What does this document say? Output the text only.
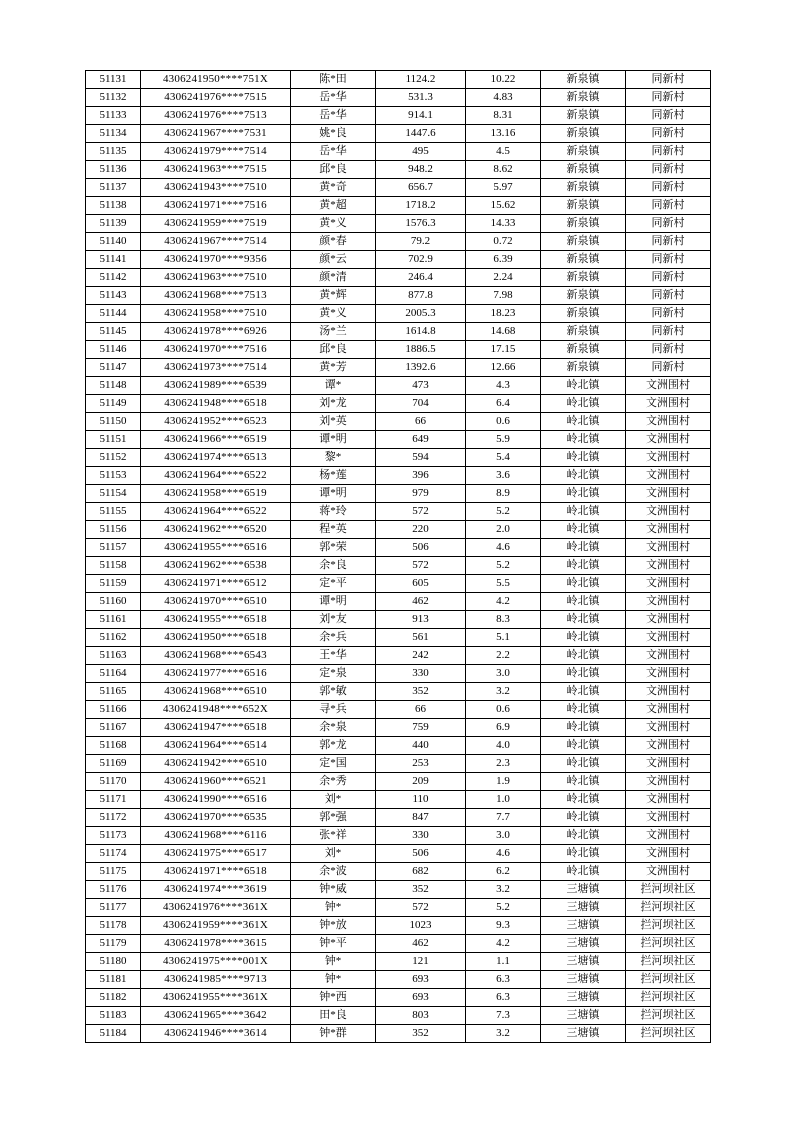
51131	4306241950****751X	陈*田	1124.2	10.22	新泉镇	同新村
51132	4306241976****7515	岳*华	531.3	4.83	新泉镇	同新村
51133	4306241976****7513	岳*华	914.1	8.31	新泉镇	同新村
51134	4306241967****7531	姚*良	1447.6	13.16	新泉镇	同新村
51135	4306241979****7514	岳*华	495	4.5	新泉镇	同新村
51136	4306241963****7515	邱*良	948.2	8.62	新泉镇	同新村
51137	4306241943****7510	黄*奇	656.7	5.97	新泉镇	同新村
51138	4306241971****7516	黄*超	1718.2	15.62	新泉镇	同新村
51139	4306241959****7519	黄*义	1576.3	14.33	新泉镇	同新村
51140	4306241967****7514	颜*春	79.2	0.72	新泉镇	同新村
51141	4306241970****9356	颜*云	702.9	6.39	新泉镇	同新村
51142	4306241963****7510	颜*清	246.4	2.24	新泉镇	同新村
51143	4306241968****7513	黄*辉	877.8	7.98	新泉镇	同新村
51144	4306241958****7510	黄*义	2005.3	18.23	新泉镇	同新村
51145	4306241978****6926	汤*兰	1614.8	14.68	新泉镇	同新村
51146	4306241970****7516	邱*良	1886.5	17.15	新泉镇	同新村
51147	4306241973****7514	黄*芳	1392.6	12.66	新泉镇	同新村
51148	4306241989****6539	谭*	473	4.3	岭北镇	文洲围村
51149	4306241948****6518	刘*龙	704	6.4	岭北镇	文洲围村
51150	4306241952****6523	刘*英	66	0.6	岭北镇	文洲围村
51151	4306241966****6519	谭*明	649	5.9	岭北镇	文洲围村
51152	4306241974****6513	黎*	594	5.4	岭北镇	文洲围村
51153	4306241964****6522	杨*莲	396	3.6	岭北镇	文洲围村
51154	4306241958****6519	谭*明	979	8.9	岭北镇	文洲围村
51155	4306241964****6522	蒋*玲	572	5.2	岭北镇	文洲围村
51156	4306241962****6520	程*英	220	2.0	岭北镇	文洲围村
51157	4306241955****6516	郭*荣	506	4.6	岭北镇	文洲围村
51158	4306241962****6538	余*良	572	5.2	岭北镇	文洲围村
51159	4306241971****6512	定*平	605	5.5	岭北镇	文洲围村
51160	4306241970****6510	谭*明	462	4.2	岭北镇	文洲围村
51161	4306241955****6518	刘*友	913	8.3	岭北镇	文洲围村
51162	4306241950****6518	余*兵	561	5.1	岭北镇	文洲围村
51163	4306241968****6543	王*华	242	2.2	岭北镇	文洲围村
51164	4306241977****6516	定*泉	330	3.0	岭北镇	文洲围村
51165	4306241968****6510	郭*敏	352	3.2	岭北镇	文洲围村
51166	4306241948****652X	寻*兵	66	0.6	岭北镇	文洲围村
51167	4306241947****6518	余*泉	759	6.9	岭北镇	文洲围村
51168	4306241964****6514	郭*龙	440	4.0	岭北镇	文洲围村
51169	4306241942****6510	定*国	253	2.3	岭北镇	文洲围村
51170	4306241960****6521	余*秀	209	1.9	岭北镇	文洲围村
51171	4306241990****6516	刘*	110	1.0	岭北镇	文洲围村
51172	4306241970****6535	郭*强	847	7.7	岭北镇	文洲围村
51173	4306241968****6116	张*祥	330	3.0	岭北镇	文洲围村
51174	4306241975****6517	刘*	506	4.6	岭北镇	文洲围村
51175	4306241971****6518	余*波	682	6.2	岭北镇	文洲围村
51176	4306241974****3619	钟*威	352	3.2	三塘镇	拦河坝社区
51177	4306241976****361X	钟*	572	5.2	三塘镇	拦河坝社区
51178	4306241959****361X	钟*放	1023	9.3	三塘镇	拦河坝社区
51179	4306241978****3615	钟*平	462	4.2	三塘镇	拦河坝社区
51180	4306241975****001X	钟*	121	1.1	三塘镇	拦河坝社区
51181	4306241985****9713	钟*	693	6.3	三塘镇	拦河坝社区
51182	4306241955****361X	钟*西	693	6.3	三塘镇	拦河坝社区
51183	4306241965****3642	田*良	803	7.3	三塘镇	拦河坝社区
51184	4306241946****3614	钟*群	352	3.2	三塘镇	拦河坝社区
